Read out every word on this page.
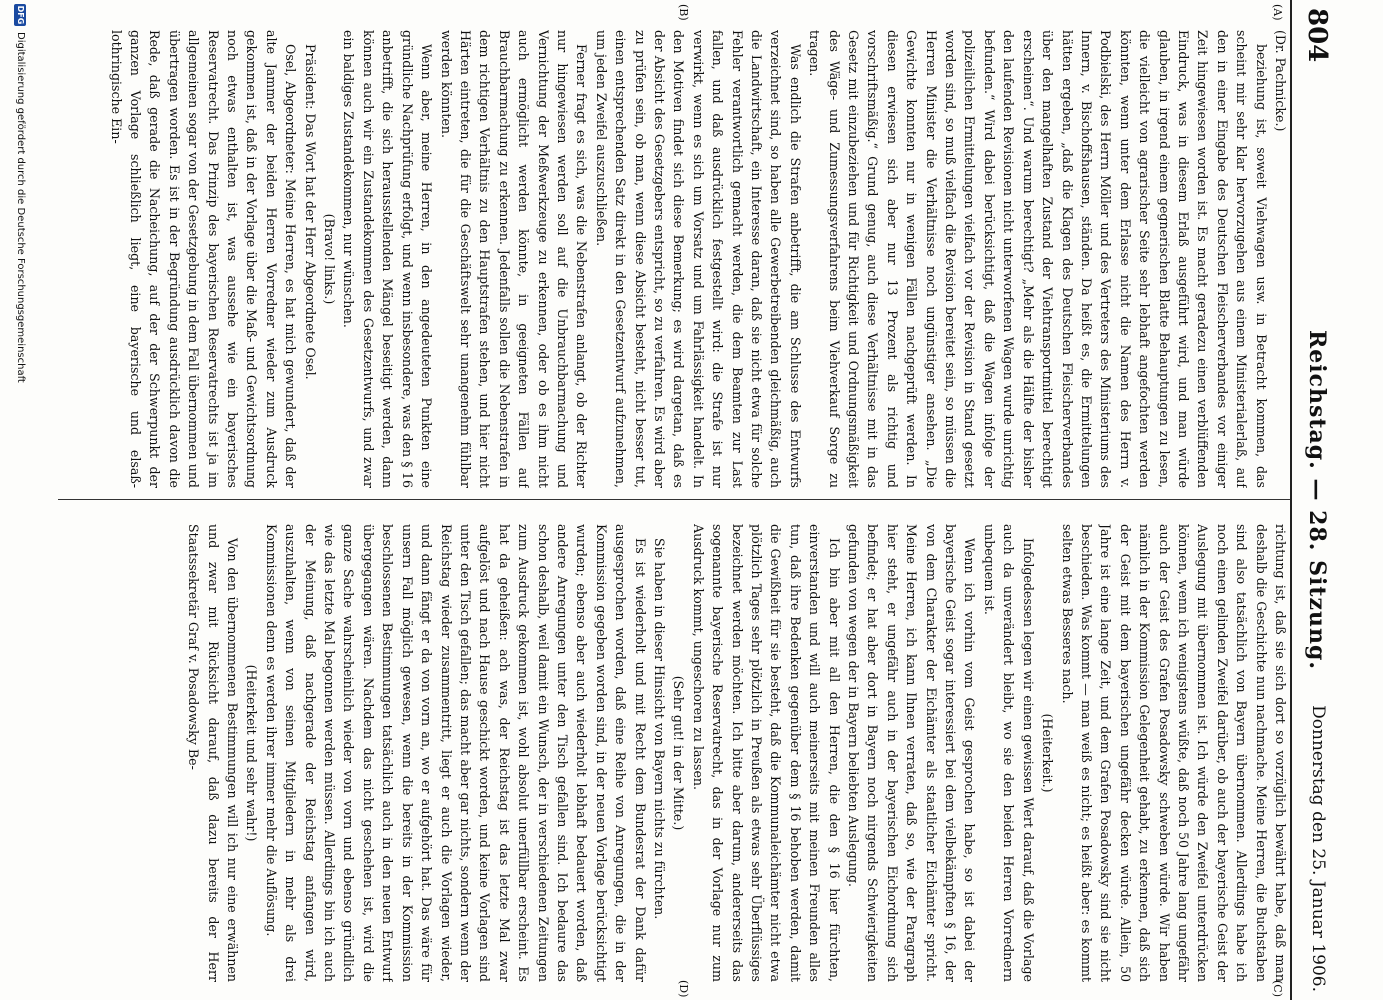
804
Reichstag. — 28. Sitzung.
Donnerstag den 25. Januar 1906.
(A)
(B)
(C)
(D)

(Dr. Pachnicke.)

beziehung ist, soweit Viehwagen usw. in Betracht kommen, das scheint mir sehr klar hervorzugehen aus einem Ministerialerlaß, auf den in einer Eingabe des Deutschen Fleischerverbandes vor einiger Zeit hingewiesen worden ist. Es macht geradezu einen verblüffenden Eindruck, was in diesem Erlaß ausgeführt wird, und man würde glauben, in irgend einem gegnerischen Blatte Behauptungen zu lesen, die vielleicht von agrarischer Seite sehr lebhaft angefochten werden könnten, wenn unter dem Erlasse nicht die Namen des Herrn v. Podbielski, des Herrn Möller und des Vertreters des Ministeriums des Innern, v. Bischoffshausen, ständen. Da heißt es, die Ermittelungen hätten ergeben, „daß die Klagen des Deutschen Fleischerverbandes über den mangelhaften Zustand der Viehtransportmittel berechtigt erscheinen“. Und warum berechtigt? „Mehr als die Hälfte der bisher den laufenden Revisionen nicht unterworfenen Wagen wurde unrichtig befunden.“ Wird dabei berücksichtigt, daß die Wagen infolge der polizeilichen Ermittelungen vielfach vor der Revision in Stand gesetzt worden sind, so muß vielfach die Revision bereitet sein, so müssen die Herren Minister die Verhältnisse noch ungünstiger ansehen. „Die Gewichte konnten nur in wenigen Fällen nachgeprüft werden. In diesen erwiesen sich aber nur 13 Prozent als richtig und vorschriftsmäßig.“ Grund genug, auch diese Verhältnisse mit in das Gesetz mit einzubeziehen und für Richtigkeit und Ordnungsmäßigkeit des Wäge- und Zumessungsverfahrens beim Viehverkauf Sorge zu tragen.

Was endlich die Strafen anbetrifft, die am Schlusse des Entwurfs verzeichnet sind, so haben alle Gewerbetreibenden gleichmäßig, auch die Landwirtschaft, ein Interesse daran, daß sie nicht etwa für solche Fehler verantwortlich gemacht werden, die dem Beamten zur Last fallen, und daß ausdrücklich festgestellt wird: die Strafe ist nur verwirkt, wenn es sich um Vorsatz und um Fahrlässigkeit handelt. In den Motiven findet sich diese Bemerkung; es wird dargetan, daß es der Absicht des Gesetzgebers entspricht, so zu verfahren. Es wird aber zu prüfen sein, ob man, wenn diese Absicht besteht, nicht besser tut, einen entsprechenden Satz direkt in den Gesetzentwurf aufzunehmen, um jeden Zweifel auszuschließen.

Ferner fragt es sich, was die Nebenstrafen anlangt, ob der Richter nur hingewiesen werden soll auf die Unbrauchbarmachung und Vernichtung der Meßwerkzeuge zu erkennen, oder ob es ihm nicht auch ermöglicht werden könnte, in geeigneten Fällen auf Brauchbarmachung zu erkennen. Jedenfalls sollen die Nebenstrafen in dem richtigen Verhältnis zu den Hauptstrafen stehen, und hier nicht Härten eintreten, die für die Geschäftswelt sehr unangenehm fühlbar werden könnten.

Wenn aber, meine Herren, in den angedeuteten Punkten eine gründliche Nachprüfung erfolgt, und wenn insbesondere, was den § 16 anbetrifft, die sich herausstellenden Mängel beseitigt werden, dann können auch wir ein Zustandekommen des Gesetzentwurfs, und zwar ein baldiges Zustandekommen, nur wünschen.

(Bravo! links.)

Präsident: Das Wort hat der Herr Abgeordnete Osel.

Osel, Abgeordneter: Meine Herren, es hat mich gewundert, daß der alte Jammer der beiden Herren Vorredner wieder zum Ausdruck gekommen ist, daß in der Vorlage über die Maß- und Gewichtsordnung noch etwas enthalten ist, was aussehe wie ein bayerisches Reservatrecht. Das Prinzip des bayerischen Reservatrechts ist ja im allgemeinen sogar von der Gesetzgebung in dem Fall übernommen und übertragen worden. Es ist in der Begründung ausdrücklich davon die Rede, daß gerade die Nacheichung, auf der der Schwerpunkt der ganzen Vorlage schließlich liegt, eine bayerische und elsaß-lothringische Ein-

richtung ist, daß sie sich dort so vorzüglich bewährt habe, daß man deshalb die Geschichte nun nachmache. Meine Herren, die Buchstaben sind also tatsächlich von Bayern übernommen. Allerdings habe ich noch einen gelinden Zweifel darüber, ob auch der bayerische Geist der Auslegung mit übernommen ist. Ich würde den Zweifel unterdrücken können, wenn ich wenigstens wüßte, daß noch 50 Jahre lang ungefähr auch der Geist des Grafen Posadowsky schweben würde. Wir haben nämlich in der Kommission Gelegenheit gehabt, zu erkennen, daß sich der Geist mit dem bayerischen ungefähr decken würde. Allein, 50 Jahre ist eine lange Zeit, und dem Grafen Posadowsky sind sie nicht beschieden. Was kommt — man weiß es nicht; es heißt aber: es kommt selten etwas Besseres nach.

(Heiterkeit.)

Infolgedessen legen wir einen gewissen Wert darauf, daß die Vorlage auch da unverändert bleibt, wo sie den beiden Herren Vorrednern unbequem ist.

Wenn ich vorhin vom Geist gesprochen habe, so ist dabei der bayerische Geist sogar interessiert bei dem vielbekämpften § 16, der von dem Charakter der Eichämter als staatlicher Eichämter spricht. Meine Herren, ich kann Ihnen verraten, daß so, wie der Paragraph hier steht, er ungefähr auch in der bayerischen Eichordnung sich befindet; er hat aber dort in Bayern noch nirgends Schwierigkeiten gefunden von wegen der in Bayern beliebten Auslegung.

Ich bin aber mit all den Herren, die den § 16 hier fürchten, einverstanden und will auch meinerseits mit meinen Freunden alles tun, daß ihre Bedenken gegenüber dem § 16 behoben werden, damit die Gewißheit für sie besteht, daß die Kommunaleichämter nicht etwa plötzlich Tages sehr plötzlich in Preußen als etwas sehr Überflüssiges bezeichnet werden möchten. Ich bitte aber darum, andererseits das sogenannte bayerische Reservatrecht, das in der Vorlage nur zum Ausdruck kommt, ungeschoren zu lassen.

(Sehr gut! in der Mitte.)

Sie haben in dieser Hinsicht von Bayern nichts zu fürchten.

Es ist wiederholt und mit Recht dem Bundesrat der Dank dafür ausgesprochen worden, daß eine Reihe von Anregungen, die in der Kommission gegeben worden sind, in der neuen Vorlage berücksichtigt wurden; ebenso aber auch wiederholt lebhaft bedauert worden, daß andere Anregungen unter den Tisch gefallen sind. Ich bedaure das schon deshalb, weil damit ein Wunsch, der in verschiedenen Zeitungen zum Ausdruck gekommen ist, wohl absolut unerfüllbar erscheint. Es hat da geheißen: ach was, der Reichstag ist das letzte Mal zwar aufgelöst und nach Hause geschickt worden, und keine Vorlagen sind unter den Tisch gefallen; das macht aber gar nichts, sondern wenn der Reichstag wieder zusammentritt, liegt er auch die Vorlagen wieder, und dann fängt er da von vorn an, wo er aufgehört hat. Das wäre für unsern Fall möglich gewesen, wenn die bereits in der Kommission beschlossenen Bestimmungen tatsächlich auch in den neuen Entwurf übergegangen wären. Nachdem das nicht geschehen ist, wird die ganze Sache wahrscheinlich wieder von vorn und ebenso gründlich wie das letzte Mal begonnen werden müssen. Allerdings bin ich auch der Meinung, daß nachgerade der Reichstag anfangen wird, auszuhalten, wenn von seinen Mitgliedern in mehr als drei Kommissionen denn es werden ihrer immer mehr die Auflösung.

(Heiterkeit und sehr wahr!)

Von den übernommenen Bestimmungen will ich nur eine erwähnen und zwar mit Rücksicht darauf, daß dazu bereits der Herr Staatssekretär Graf v. Posadowsky Be-

DFG
Digitalisierung gefördert durch die Deutsche Forschungsgemeinschaft
